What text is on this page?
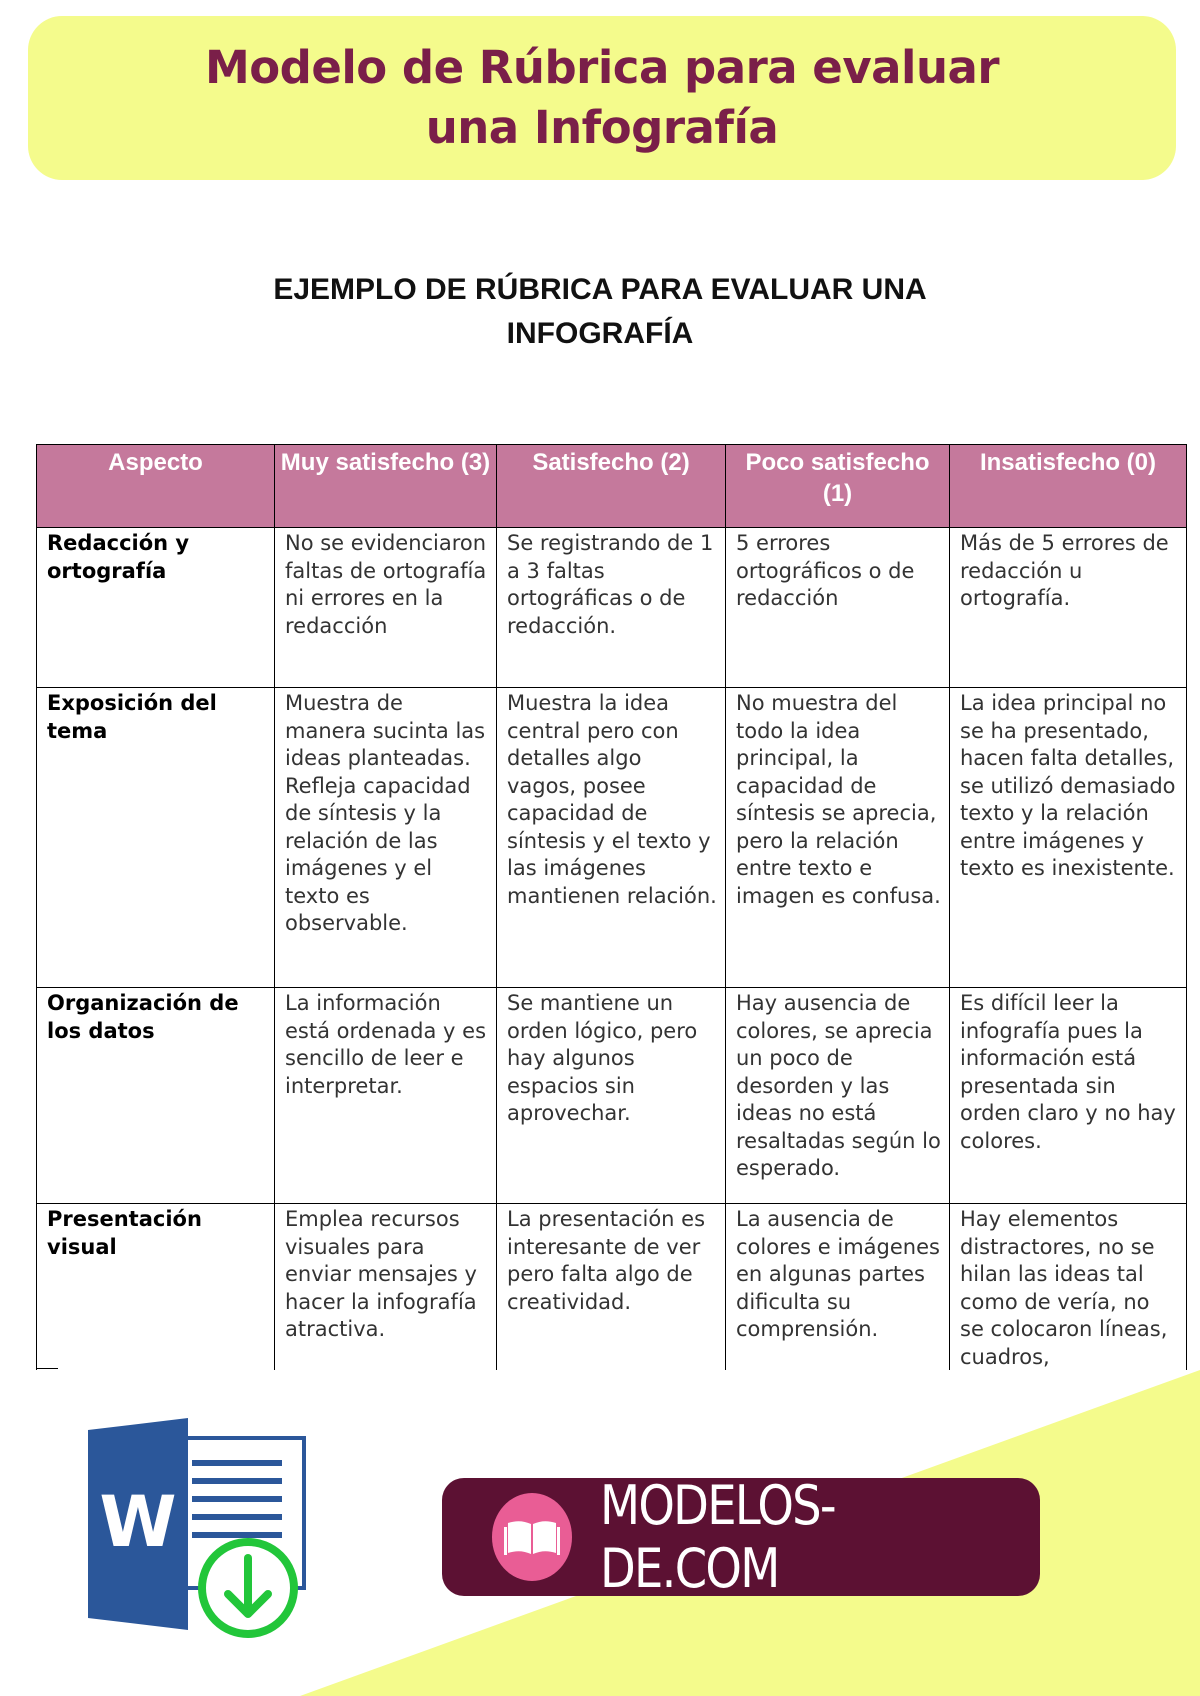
Modelo de Rúbrica para evaluar
una Infografía
EJEMPLO DE RÚBRICA PARA EVALUAR UNA
INFOGRAFÍA
Aspecto	Muy satisfecho (3)	Satisfecho (2)	Poco satisfecho (1)	Insatisfecho (0)
Redacción y ortografía	No se evidenciaron faltas de ortografía ni errores en la redacción	Se registrando de 1 a 3 faltas ortográficas o de redacción.	5 errores ortográficos o de redacción	Más de 5 errores de redacción u ortografía.
Exposición del tema	Muestra de manera sucinta las ideas planteadas. Refleja capacidad de síntesis y la relación de las imágenes y el texto es observable.	Muestra la idea central pero con detalles algo vagos, posee capacidad de síntesis y el texto y las imágenes mantienen relación.	No muestra del todo la idea principal, la capacidad de síntesis se aprecia, pero la relación entre texto e imagen es confusa.	La idea principal no se ha presentado, hacen falta detalles, se utilizó demasiado texto y la relación entre imágenes y texto es inexistente.
Organización de los datos	La información está ordenada y es sencillo de leer e interpretar.	Se mantiene un orden lógico, pero hay algunos espacios sin aprovechar.	Hay ausencia de colores, se aprecia un poco de desorden y las ideas no está resaltadas según lo esperado.	Es difícil leer la infografía pues la información está presentada sin orden claro y no hay colores.
Presentación visual	Emplea recursos visuales para enviar mensajes y hacer la infografía atractiva.	La presentación es interesante de ver pero falta algo de creatividad.	La ausencia de colores e imágenes en algunas partes dificulta su comprensión.	Hay elementos distractores, no se hilan las ideas tal como de vería, no se colocaron líneas, cuadros,
W	MODELOS-DE.COM
